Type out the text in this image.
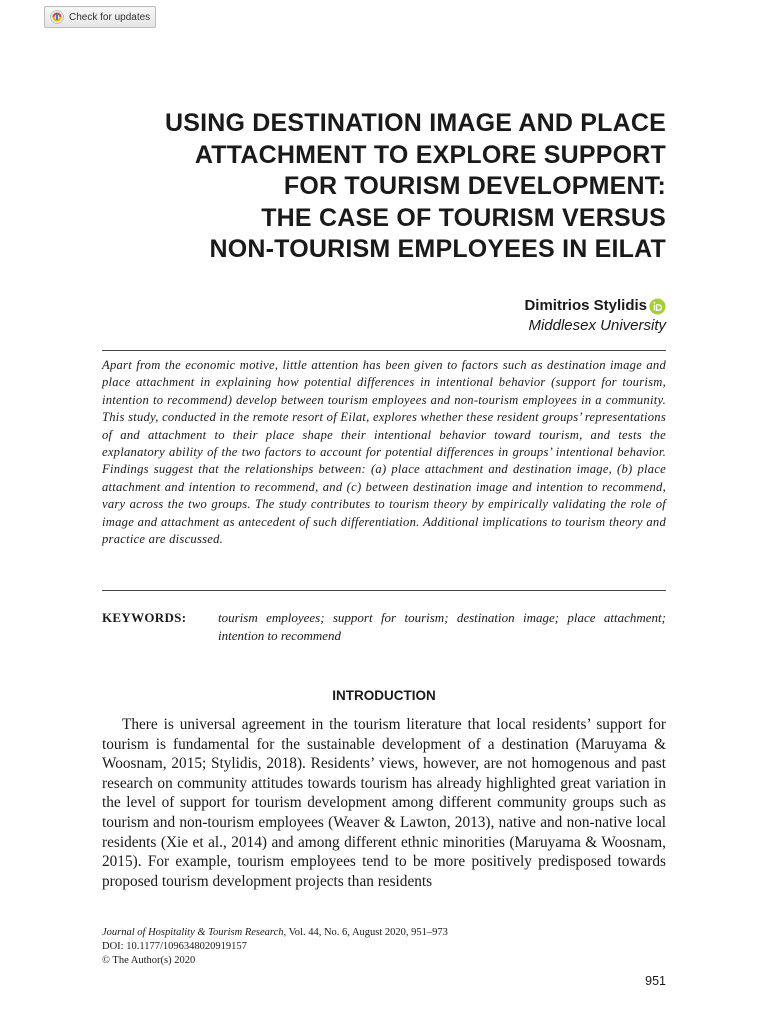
Check for updates
USING DESTINATION IMAGE AND PLACE
ATTACHMENT TO EXPLORE SUPPORT
FOR TOURISM DEVELOPMENT:
THE CASE OF TOURISM VERSUS
NON-TOURISM EMPLOYEES IN EILAT
Dimitrios Stylidis
Middlesex University

Apart from the economic motive, little attention has been given to factors such as destination image and place attachment in explaining how potential differences in intentional behavior (support for tourism, intention to recommend) develop between tourism employees and non-tourism employees in a community. This study, conducted in the remote resort of Eilat, explores whether these resident groups’ representations of and attachment to their place shape their intentional behavior toward tourism, and tests the explanatory ability of the two factors to account for potential differences in groups’ intentional behavior. Findings suggest that the relationships between: (a) place attachment and destination image, (b) place attachment and intention to recommend, and (c) between destination image and intention to recommend, vary across the two groups. The study contributes to tourism theory by empirically validating the role of image and attachment as antecedent of such differentiation. Additional implications to tourism theory and practice are discussed.

KEYWORDS:	tourism employees; support for tourism; destination image; place attachment; intention to recommend
INTRODUCTION

There is universal agreement in the tourism literature that local residents’ support for tourism is fundamental for the sustainable development of a destination (Maruyama & Woosnam, 2015; Stylidis, 2018). Residents’ views, however, are not homogenous and past research on community attitudes towards tourism has already highlighted great variation in the level of support for tourism development among different community groups such as tourism and non-tourism employees (Weaver & Lawton, 2013), native and non-native local residents (Xie et al., 2014) and among different ethnic minorities (Maruyama & Woosnam, 2015). For example, tourism employees tend to be more positively predisposed towards proposed tourism development projects than residents

Journal of Hospitality & Tourism Research, Vol. 44, No. 6, August 2020, 951–973
DOI: 10.1177/1096348020919157
© The Author(s) 2020
951
